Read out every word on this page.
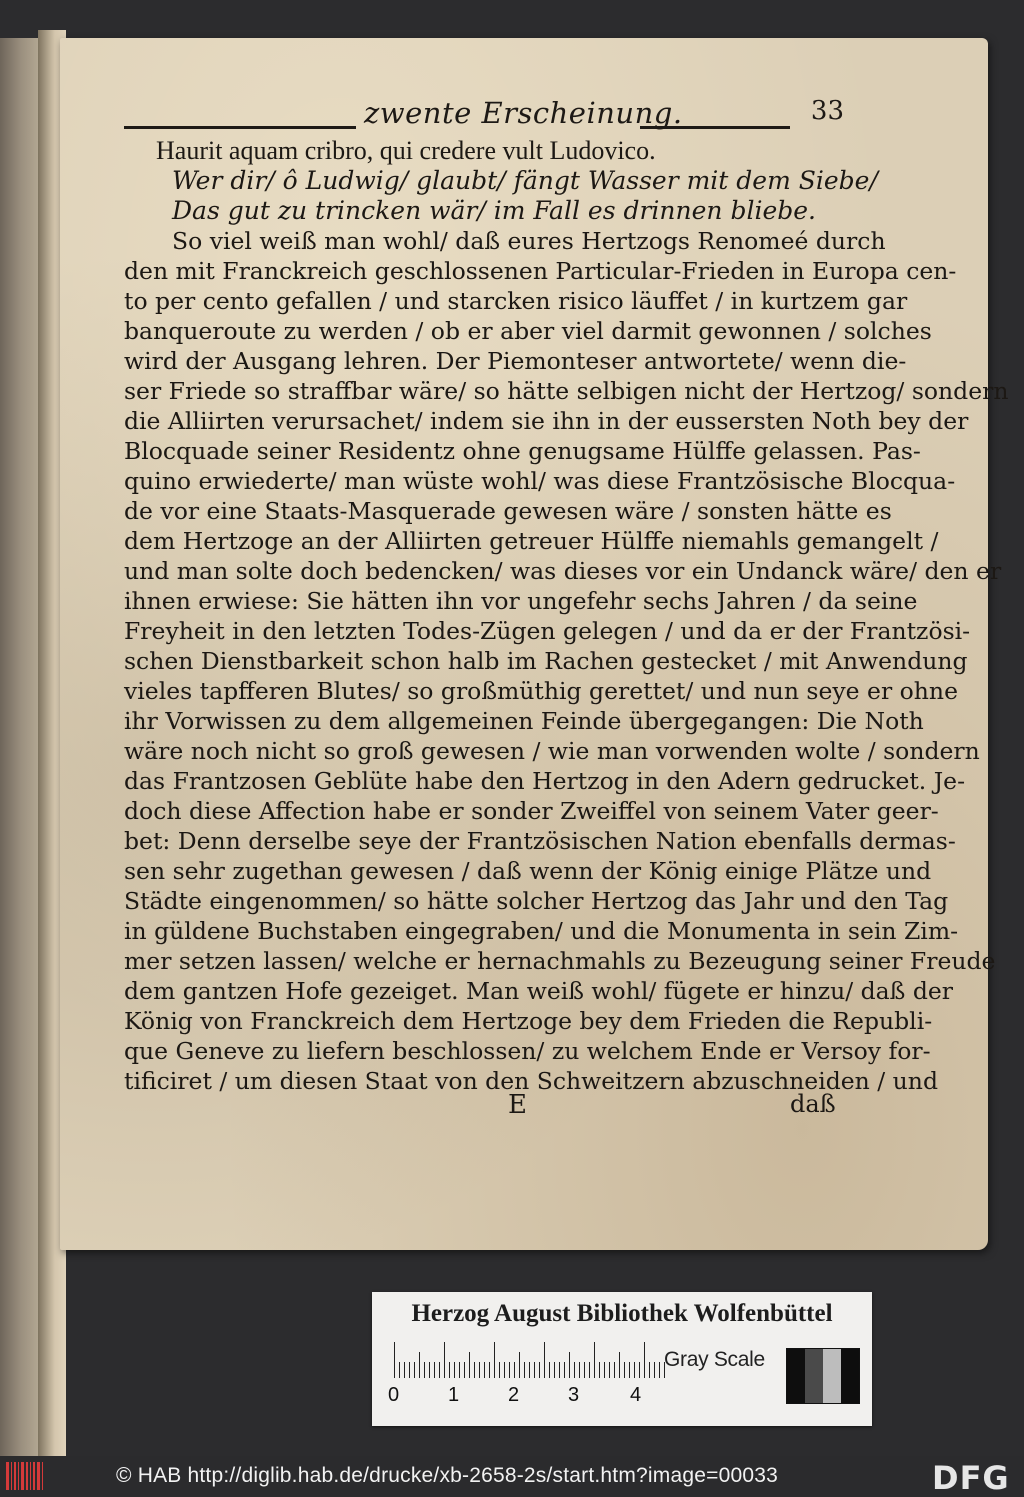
zwente Erscheinung.	33
Haurit aquam cribro, qui credere vult Ludovico.
Wer dir/ ô Ludwig/ glaubt/ fängt Wasser mit dem Siebe/
Das gut zu trincken wär/ im Fall es drinnen bliebe.
So viel weiß man wohl/ daß eures Hertzogs Renomeé durch
den mit Franckreich geschlossenen Particular-Frieden in Europa cen-
to per cento gefallen / und starcken risico läuffet / in kurtzem gar
banqueroute zu werden / ob er aber viel darmit gewonnen / solches
wird der Ausgang lehren. Der Piemonteser antwortete/ wenn die-
ser Friede so straffbar wäre/ so hätte selbigen nicht der Hertzog/ sondern
die Alliirten verursachet/ indem sie ihn in der eussersten Noth bey der
Blocquade seiner Residentz ohne genugsame Hülffe gelassen. Pas-
quino erwiederte/ man wüste wohl/ was diese Frantzösische Blocqua-
de vor eine Staats-Masquerade gewesen wäre / sonsten hätte es
dem Hertzoge an der Alliirten getreuer Hülffe niemahls gemangelt /
und man solte doch bedencken/ was dieses vor ein Undanck wäre/ den er
ihnen erwiese: Sie hätten ihn vor ungefehr sechs Jahren / da seine
Freyheit in den letzten Todes-Zügen gelegen / und da er der Frantzösi-
schen Dienstbarkeit schon halb im Rachen gestecket / mit Anwendung
vieles tapfferen Blutes/ so großmüthig gerettet/ und nun seye er ohne
ihr Vorwissen zu dem allgemeinen Feinde übergegangen: Die Noth
wäre noch nicht so groß gewesen / wie man vorwenden wolte / sondern
das Frantzosen Geblüte habe den Hertzog in den Adern gedrucket. Je-
doch diese Affection habe er sonder Zweiffel von seinem Vater geer-
bet: Denn derselbe seye der Frantzösischen Nation ebenfalls dermas-
sen sehr zugethan gewesen / daß wenn der König einige Plätze und
Städte eingenommen/ so hätte solcher Hertzog das Jahr und den Tag
in güldene Buchstaben eingegraben/ und die Monumenta in sein Zim-
mer setzen lassen/ welche er hernachmahls zu Bezeugung seiner Freude
dem gantzen Hofe gezeiget. Man weiß wohl/ fügete er hinzu/ daß der
König von Franckreich dem Hertzoge bey dem Frieden die Republi-
que Geneve zu liefern beschlossen/ zu welchem Ende er Versoy for-
tificiret / um diesen Staat von den Schweitzern abzuschneiden / und
E	daß
Herzog August Bibliothek Wolfenbüttel
0 1 2 3	4
Gray Scale
© HAB http://diglib.hab.de/drucke/xb-2658-2s/start.htm?image=00033	DFG
